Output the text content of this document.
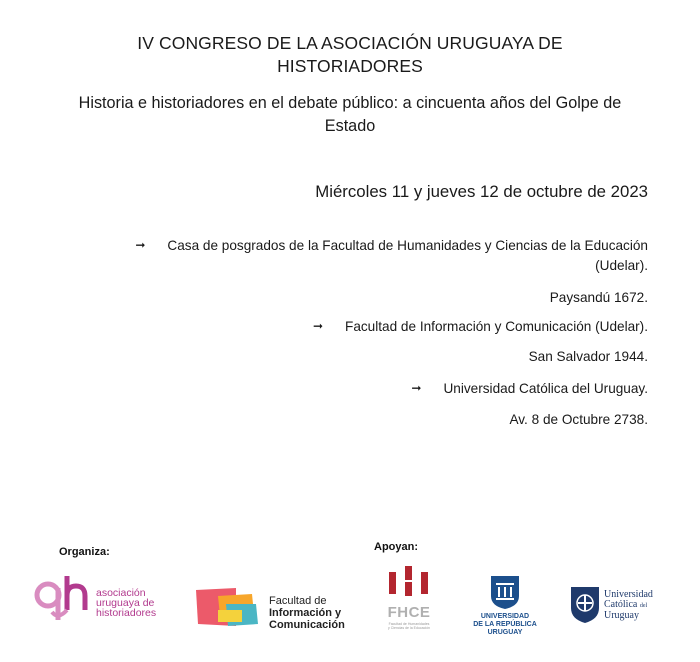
IV CONGRESO DE LA ASOCIACIÓN URUGUAYA DE
HISTORIADORES
Historia e historiadores en el debate público: a cincuenta años del Golpe de
Estado
Miércoles 11 y jueves 12 de octubre de 2023
➞ Casa de posgrados de la Facultad de Humanidades y Ciencias de la Educación
(Udelar).
Paysandú 1672.
➞ Facultad de Información y Comunicación (Udelar).
San Salvador 1944.
➞ Universidad Católica del Uruguay.
Av. 8 de Octubre 2738.
Organiza:	Apoyan:
asociación
uruguaya de
historiadores
Facultad de
Información y
Comunicación
FHCE
Facultad de Humanidades
y Ciencias de la Educación
UNIVERSIDAD
DE LA REPÚBLICA
URUGUAY
Universidad
Católica del
Uruguay
